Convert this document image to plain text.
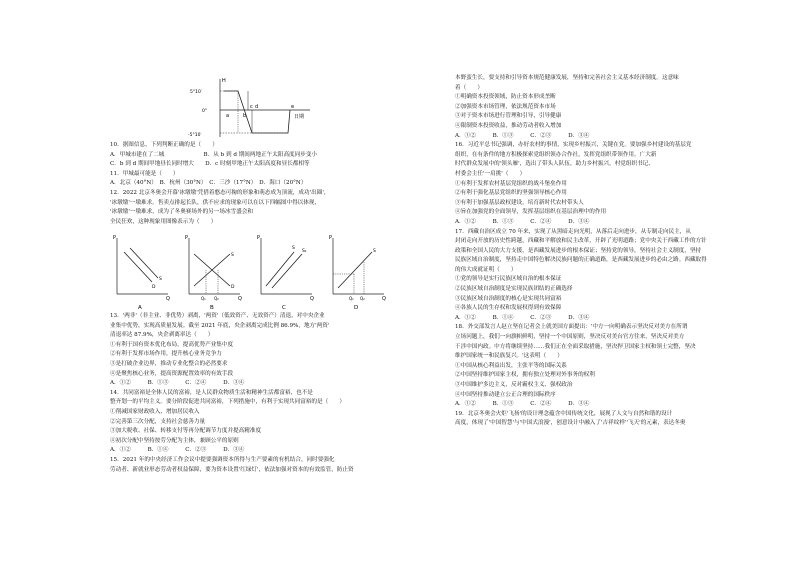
H
5°10′
0°
-5°10′
a	b
c d	e
日期
10．据图信息，下列判断正确的是（　　）
A．甲城市建在了二城　　　　　　　B．从 b 到 d 期间两地正午太阳高度同步变小
C．b 到 d 期间甲地昼长同时增大　　D．c 时刻甲地正午太阳高度和昼长都相等
11．甲城最可能是（　　）
A．北京（40°N）　B．杭州（30°N）　C．三沙（17°N）　D．海口（20°N）
12．2022 北京冬奥会开幕'冰墩墩'凭借着憨态可掬的形象和萌态成为顶流，成功'出圈'，
'冰墩墩'一墩难求。售卖点排起长队，供不应求的现象可以在以下四幅图中得以体现，
'冰墩墩'一墩难求，成为了冬奥赛场外的另一场冰雪盛会和
全民狂欢，这种现象用图像表示为（　　）
P
Q
D
S
A
P
Q
D
S
Q₁ Q₂
B
P
Q
S
S₁
C
P
Q
S
Q₁ Q₂
D
13．'两非'（非主业、非优势）剥离，'两资'（低效资产、无效资产）清退，对中央企业
业集中优势，实现高质量发展。截至 2021 年底，央企剥离完成比例 86.9%，地方'两资'
清退率达 87.9%，央企剥离率达（　　）
①有利于国有资本优化布局，提高优势产业集中度
②有利于发挥市场作用，提升核心业务竞争力
③是打破企业边界，推动专业化整合的必然要求
④是聚焦核心业务，提高资源配置效率的有效手段
A．①②　　　B．①③　　　C．②④　　　D．③④
14．共同富裕是全体人民的富裕，是人民群众物质生活和精神生活都富裕，也不是
整齐划一的平均主义。要分阶段促进共同富裕，下列措施中，有利于实现共同富裕的是（　　）
①削减国家财政收入，增加居民收入
②完善第三次分配，支持社会慈善力量
③加大税收、社保、转移支付等再分配调节力度并提高精准度
④初次分配中坚持按劳分配为主体，兼顾公平的原则
A．①②　　　B．①④　　　C．②③　　　D．③④
15．2021 年的中央经济工作会议中提要强调资本所得与生产要素的有机结合，同时要强化
劳动者、新就业形态劳动者权益保障，要为资本设置'红绿灯'，依法加强对资本的有效监管，防止资
本野蛮生长，要支持和引导资本规范健康发展，坚持和完善社会主义基本经济制度。这意味
着（　　）
①明确资本投资领域，防止资本形成垄断
②加强资本市场管理，依法规范资本市场
③对于资本市场进行管理和引导，引导健康
④限制资本投资收益，推动劳动者收入增加
A．①②　　　B．①③　　　C．②③　　　D．③④
16．习近平总书记强调，办好农村的事情，实现乡村振兴，关键在党。要加强乡村建设的基层党
组织，在有条件的地方积极探索党组织领办合作社，发挥党组织带领作用。广大新
时代群众发展中的'领头雁'，选出了带头人队伍，助力乡村振兴。村党组织书记、
村委会主任'一肩挑'（　　）
①有利于发挥农村基层党组织的战斗堡垒作用
②有利于强化基层党组织的坚强领导核心作用
③有利于加强基层政权建设，培育新时代农村带头人
④旨在加强党的全面领导，发挥基层组织在基层治理中的作用
A．①②　　　B．①③　　　C．②④　　　D．③④
17．西藏自治区成立 70 年来，实现了从黑暗走向光明，从落后走向进步，从专制走向民主，从
封闭走向开放的历史性跨越。西藏和平解放和民主改革，开辟了光明道路；党中央关于西藏工作的方针
政策和全国人民的大力支援，是西藏发展进步的根本保证；坚持党的领导，坚持社会主义制度，坚持
民族区域自治制度，坚持走中国特色解决民族问题的正确道路，是西藏发展进步的必由之路。西藏取得
的伟大成就证明（　　）
①党的领导是实行民族区域自治的根本保证
②民族区域自治制度是实现民族团结的正确选择
③民族区域自治制度的核心是实现共同富裕
④各族人民的生存权和发展权得到有效保障
A．①②　　　B．①④　　　C．②③　　　D．③④
18．外交部发言人赵立坚在记者会上就美国方面提出：'中方一向明确表示坚决反对美方在所谓
立场问题上，我们一向旗帜鲜明，坚持一个中国原则，坚决反对美台官方往来，坚决反对美方
干涉中国内政。中方将继续坚持……我们正在全面采取措施，坚决捍卫国家主权和领土完整，坚决
维护国家统一和民族复兴。'这表明（　　）
①中国从核心利益出发，主张平等的国际关系
②中国坚持维护国家主权，拥有独立处理对外事务的权利
③中国维护多边主义，反对霸权主义、强权政治
④中国坚持推动建立公正合理的国际秩序
A．①②　　　B．①③　　　C．②④　　　D．③④
19．北京冬奥会火炬'飞扬'的设计理念蕴含中国传统文化，展现了人文与自然和谐的设计
高度，体现了'中国智慧'与'中国式浪漫'，创意设计中融入了'吉祥纹样''飞天'的元素，表达冬奥
